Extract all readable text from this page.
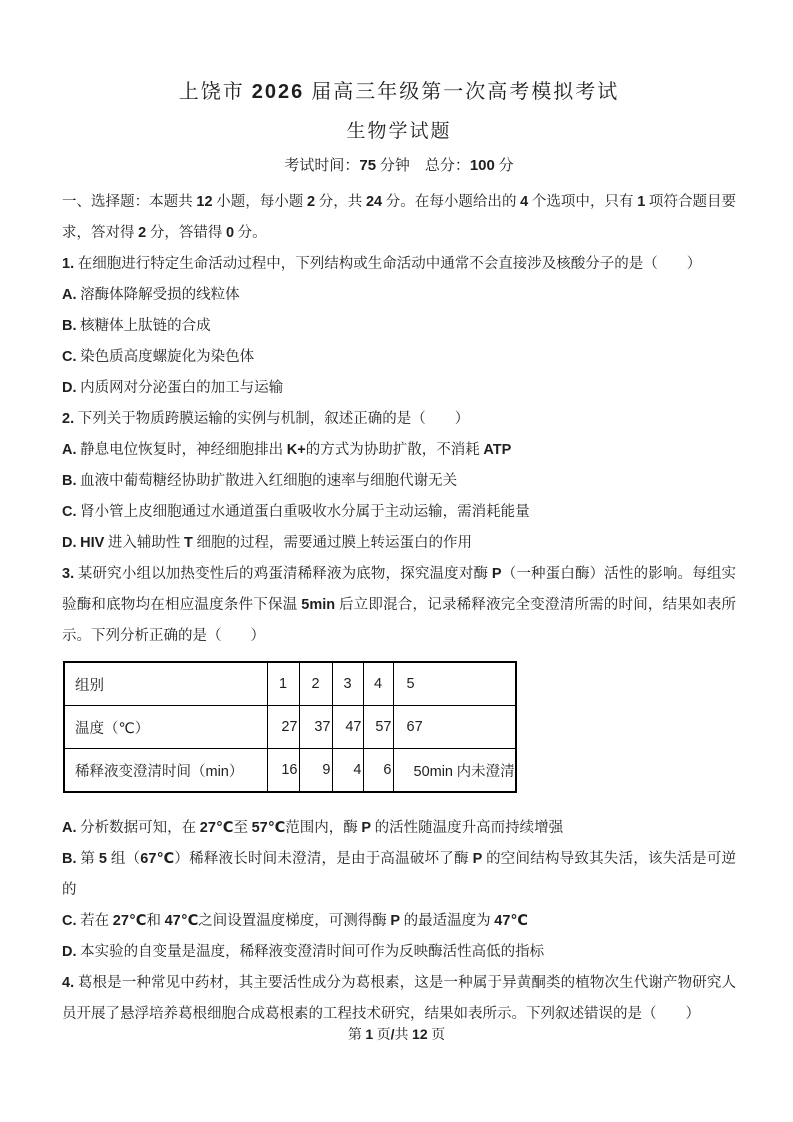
上饶市 2026 届高三年级第一次高考模拟考试
生物学试题

考试时间：75 分钟　总分：100 分

一、选择题：本题共 12 小题，每小题 2 分，共 24 分。在每小题给出的 4 个选项中，只有 1 项符合题目要求，答对得 2 分，答错得 0 分。

1. 在细胞进行特定生命活动过程中，下列结构或生命活动中通常不会直接涉及核酸分子的是（　　）

A. 溶酶体降解受损的线粒体

B. 核糖体上肽链的合成

C. 染色质高度螺旋化为染色体

D. 内质网对分泌蛋白的加工与运输

2. 下列关于物质跨膜运输的实例与机制，叙述正确的是（　　）

A. 静息电位恢复时，神经细胞排出 K+的方式为协助扩散，不消耗 ATP

B. 血液中葡萄糖经协助扩散进入红细胞的速率与细胞代谢无关

C. 肾小管上皮细胞通过水通道蛋白重吸收水分属于主动运输，需消耗能量

D. HIV 进入辅助性 T 细胞的过程，需要通过膜上转运蛋白的作用

3. 某研究小组以加热变性后的鸡蛋清稀释液为底物，探究温度对酶 P（一种蛋白酶）活性的影响。每组实验酶和底物均在相应温度条件下保温 5min 后立即混合，记录稀释液完全变澄清所需的时间，结果如表所示。下列分析正确的是（　　）

组别	1	2	3	4	5
温度（℃）	27	37	47	57	67
稀释液变澄清时间（min）	16	9	4	6	50min 内未澄清

A. 分析数据可知，在 27℃至 57℃范围内，酶 P 的活性随温度升高而持续增强

B. 第 5 组（67℃）稀释液长时间未澄清，是由于高温破坏了酶 P 的空间结构导致其失活，该失活是可逆的

C. 若在 27℃和 47℃之间设置温度梯度，可测得酶 P 的最适温度为 47℃

D. 本实验的自变量是温度，稀释液变澄清时间可作为反映酶活性高低的指标

4. 葛根是一种常见中药材，其主要活性成分为葛根素，这是一种属于异黄酮类的植物次生代谢产物研究人员开展了悬浮培养葛根细胞合成葛根素的工程技术研究，结果如表所示。下列叙述错误的是（　　）

第 1 页/共 12 页
